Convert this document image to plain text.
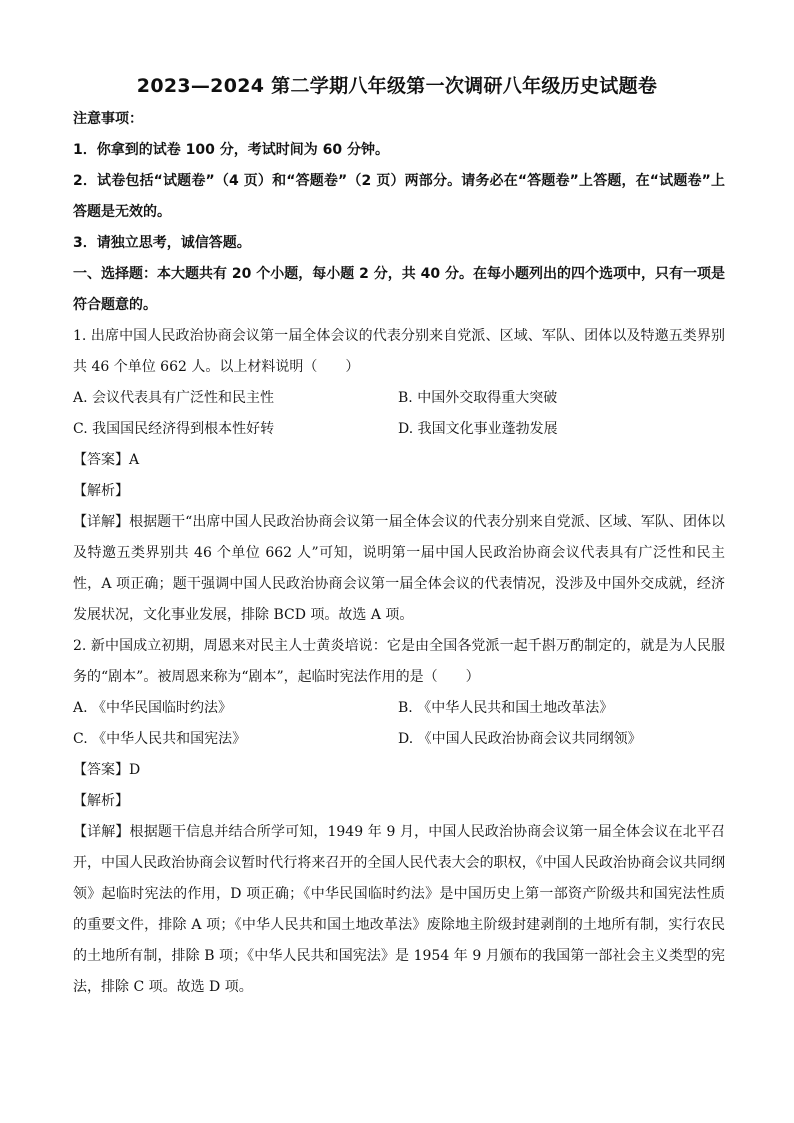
2023—2024 第二学期八年级第一次调研八年级历史试题卷
注意事项：
1．你拿到的试卷 100 分，考试时间为 60 分钟。
2．试卷包括“试题卷”（4 页）和“答题卷”（2 页）两部分。请务必在“答题卷”上答题，在“试题卷”上答题是无效的。
3．请独立思考，诚信答题。
一、选择题：本大题共有 20 个小题，每小题 2 分，共 40 分。在每小题列出的四个选项中，只有一项是符合题意的。
1. 出席中国人民政治协商会议第一届全体会议的代表分别来自党派、区域、军队、团体以及特邀五类界别共 46 个单位 662 人。以上材料说明（　　）
A. 会议代表具有广泛性和民主性	B. 中国外交取得重大突破
C. 我国国民经济得到根本性好转	D. 我国文化事业蓬勃发展
【答案】A
【解析】
【详解】根据题干“出席中国人民政治协商会议第一届全体会议的代表分别来自党派、区域、军队、团体以及特邀五类界别共 46 个单位 662 人”可知，说明第一届中国人民政治协商会议代表具有广泛性和民主性，A 项正确；题干强调中国人民政治协商会议第一届全体会议的代表情况，没涉及中国外交成就，经济发展状况，文化事业发展，排除 BCD 项。故选 A 项。
2. 新中国成立初期，周恩来对民主人士黄炎培说：它是由全国各党派一起千斟万酌制定的，就是为人民服务的“剧本”。被周恩来称为“剧本”，起临时宪法作用的是（　　）
A. 《中华民国临时约法》	B. 《中华人民共和国土地改革法》
C. 《中华人民共和国宪法》	D. 《中国人民政治协商会议共同纲领》
【答案】D
【解析】
【详解】根据题干信息并结合所学可知，1949 年 9 月，中国人民政治协商会议第一届全体会议在北平召开，中国人民政治协商会议暂时代行将来召开的全国人民代表大会的职权，《中国人民政治协商会议共同纲领》起临时宪法的作用，D 项正确；《中华民国临时约法》是中国历史上第一部资产阶级共和国宪法性质的重要文件，排除 A 项；《中华人民共和国土地改革法》废除地主阶级封建剥削的土地所有制，实行农民的土地所有制，排除 B 项；《中华人民共和国宪法》是 1954 年 9 月颁布的我国第一部社会主义类型的宪法，排除 C 项。故选 D 项。
